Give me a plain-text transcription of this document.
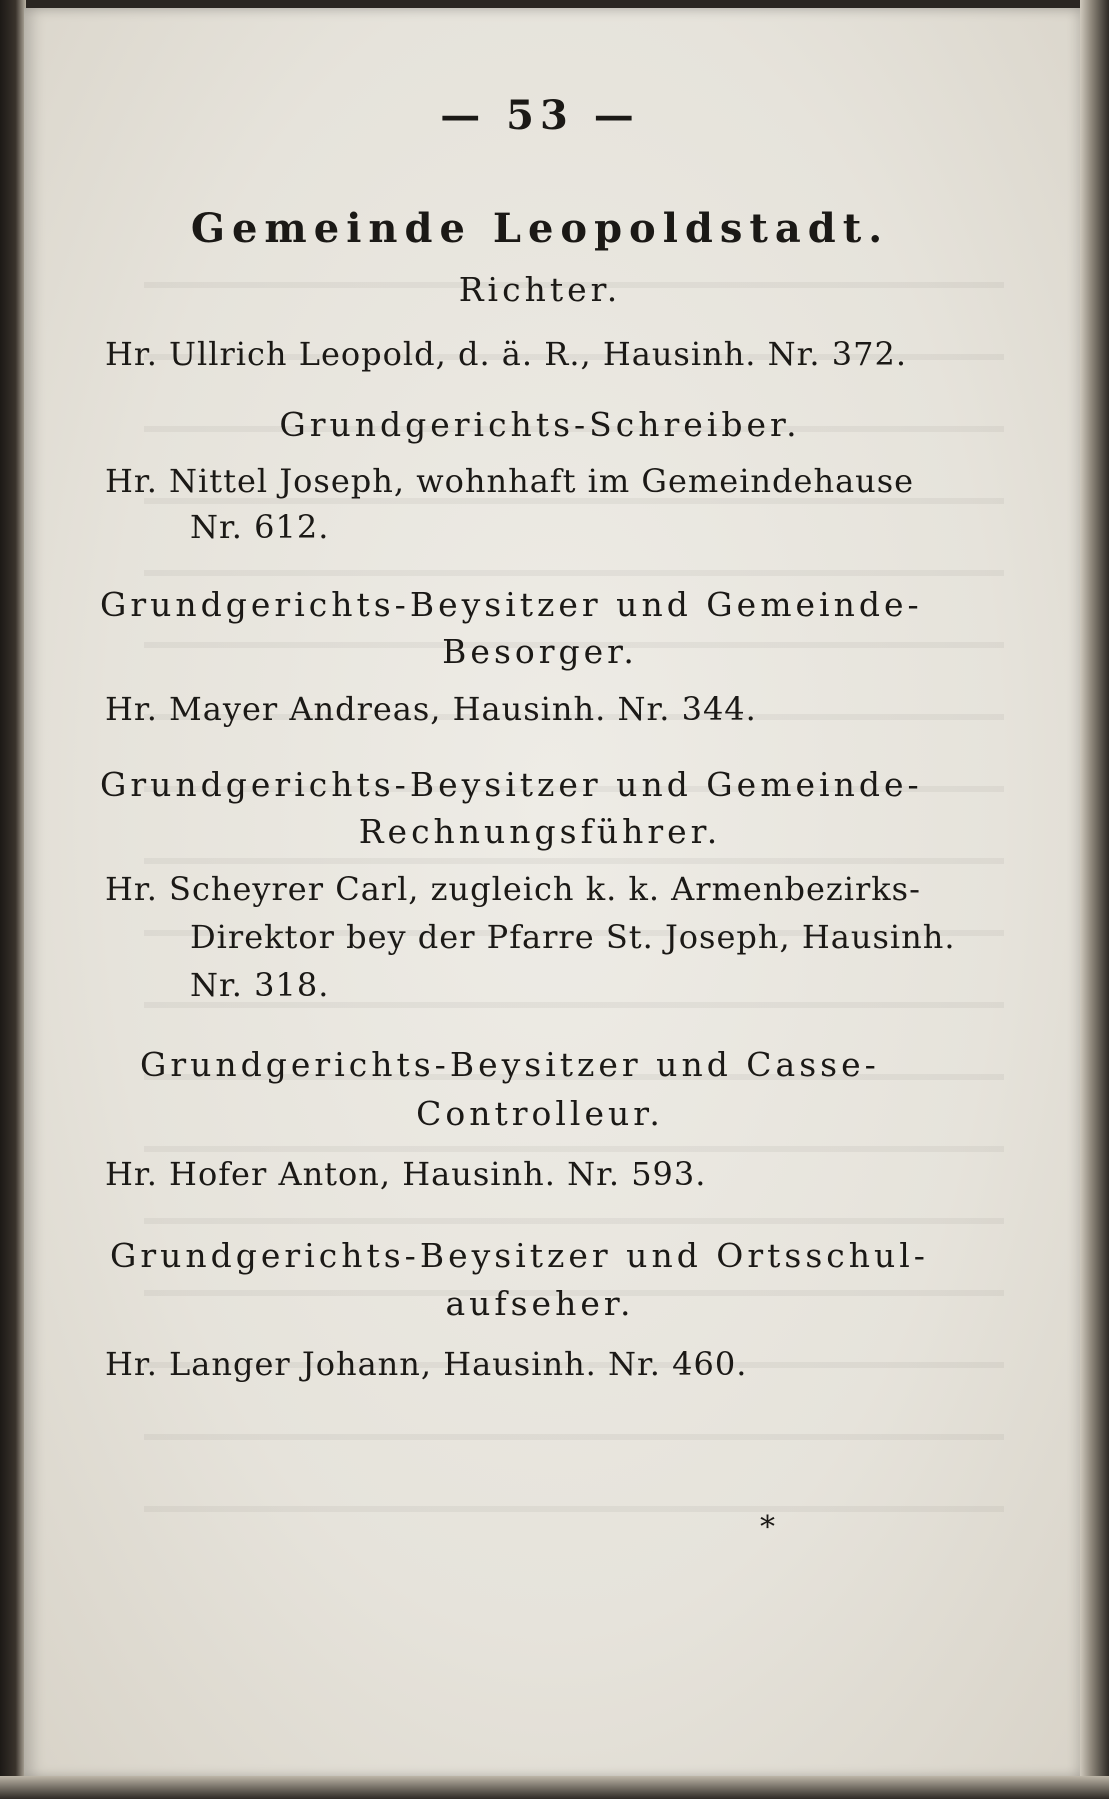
— 53 —
Gemeinde Leopoldstadt.
Richter.
Hr. Ullrich Leopold, d. ä. R., Hausinh. Nr. 372.
Grundgerichts-Schreiber.
Hr. Nittel Joseph, wohnhaft im Gemeindehause
Nr. 612.
Grundgerichts-Beysitzer und Gemeinde-
Besorger.
Hr. Mayer Andreas, Hausinh. Nr. 344.
Grundgerichts-Beysitzer und Gemeinde-
Rechnungsführer.
Hr. Scheyrer Carl, zugleich k. k. Armenbezirks-
Direktor bey der Pfarre St. Joseph, Hausinh.
Nr. 318.
Grundgerichts-Beysitzer und Casse-
Controlleur.
Hr. Hofer Anton, Hausinh. Nr. 593.
Grundgerichts-Beysitzer und Ortsschul-
aufseher.
Hr. Langer Johann, Hausinh. Nr. 460.
*
